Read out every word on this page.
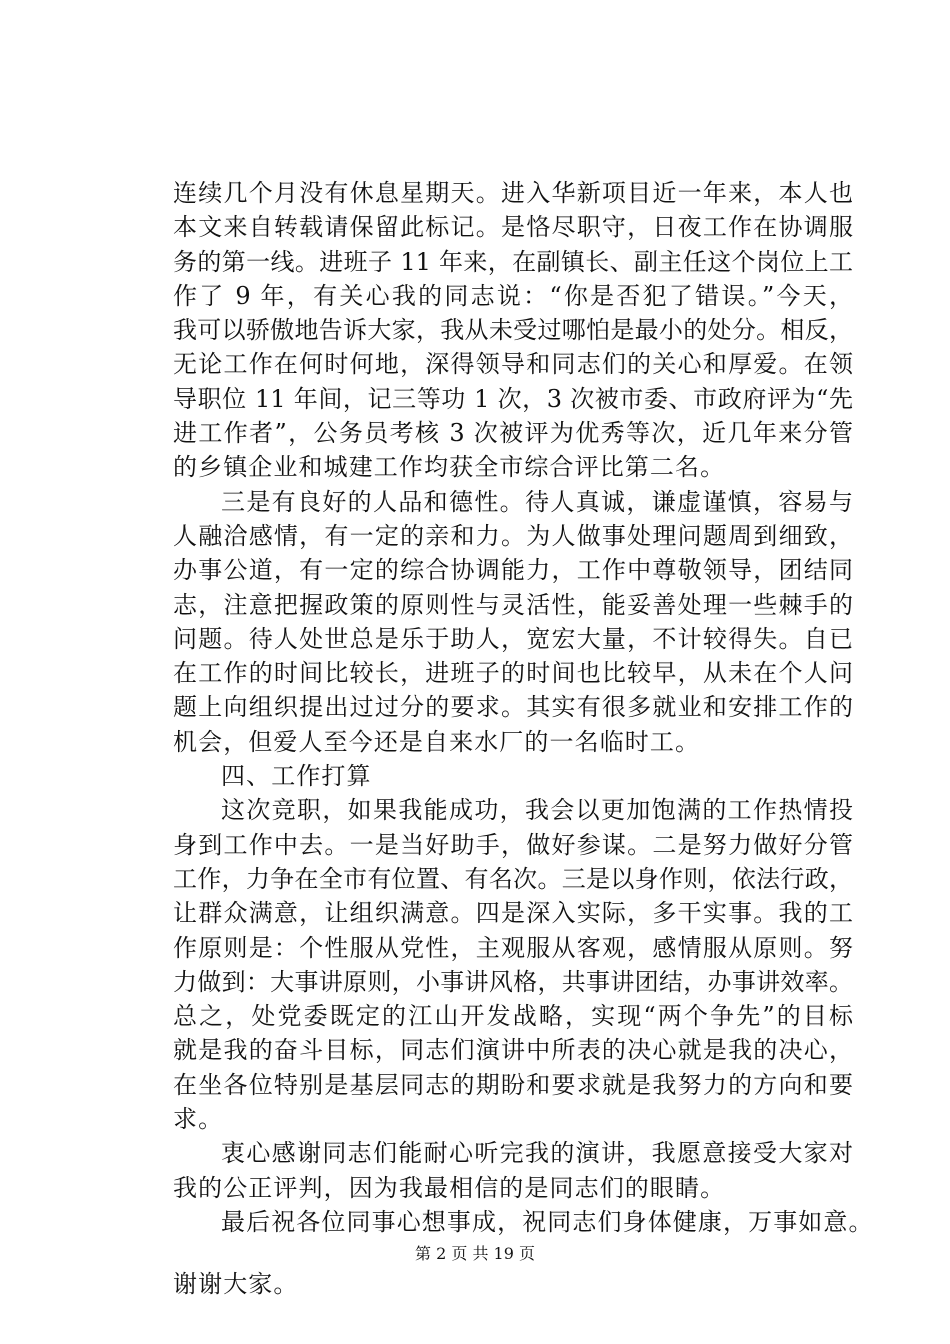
连续几个月没有休息星期天。进入华新项目近一年来，本人也
本文来自转载请保留此标记。是恪尽职守，日夜工作在协调服
务的第一线。进班子 11 年来，在副镇长、副主任这个岗位上工
作了 9 年，有关心我的同志说：“你是否犯了错误。”今天，
我可以骄傲地告诉大家，我从未受过哪怕是最小的处分。相反，
无论工作在何时何地，深得领导和同志们的关心和厚爱。在领
导职位 11 年间，记三等功 1 次，3 次被市委、市政府评为“先
进工作者”，公务员考核 3 次被评为优秀等次，近几年来分管
的乡镇企业和城建工作均获全市综合评比第二名。
三是有良好的人品和德性。待人真诚，谦虚谨慎，容易与
人融洽感情，有一定的亲和力。为人做事处理问题周到细致，
办事公道，有一定的综合协调能力，工作中尊敬领导，团结同
志，注意把握政策的原则性与灵活性，能妥善处理一些棘手的
问题。待人处世总是乐于助人，宽宏大量，不计较得失。自已
在工作的时间比较长，进班子的时间也比较早，从未在个人问
题上向组织提出过过分的要求。其实有很多就业和安排工作的
机会，但爱人至今还是自来水厂的一名临时工。
四、工作打算
这次竞职，如果我能成功，我会以更加饱满的工作热情投
身到工作中去。一是当好助手，做好参谋。二是努力做好分管
工作，力争在全市有位置、有名次。三是以身作则，依法行政，
让群众满意，让组织满意。四是深入实际，多干实事。我的工
作原则是：个性服从党性，主观服从客观，感情服从原则。努
力做到：大事讲原则，小事讲风格，共事讲团结，办事讲效率。
总之，处党委既定的江山开发战略，实现“两个争先”的目标
就是我的奋斗目标，同志们演讲中所表的决心就是我的决心，
在坐各位特别是基层同志的期盼和要求就是我努力的方向和要
求。
衷心感谢同志们能耐心听完我的演讲，我愿意接受大家对
我的公正评判，因为我最相信的是同志们的眼睛。
最后祝各位同事心想事成，祝同志们身体健康，万事如意。
谢谢大家。
第 2 页 共 19 页
